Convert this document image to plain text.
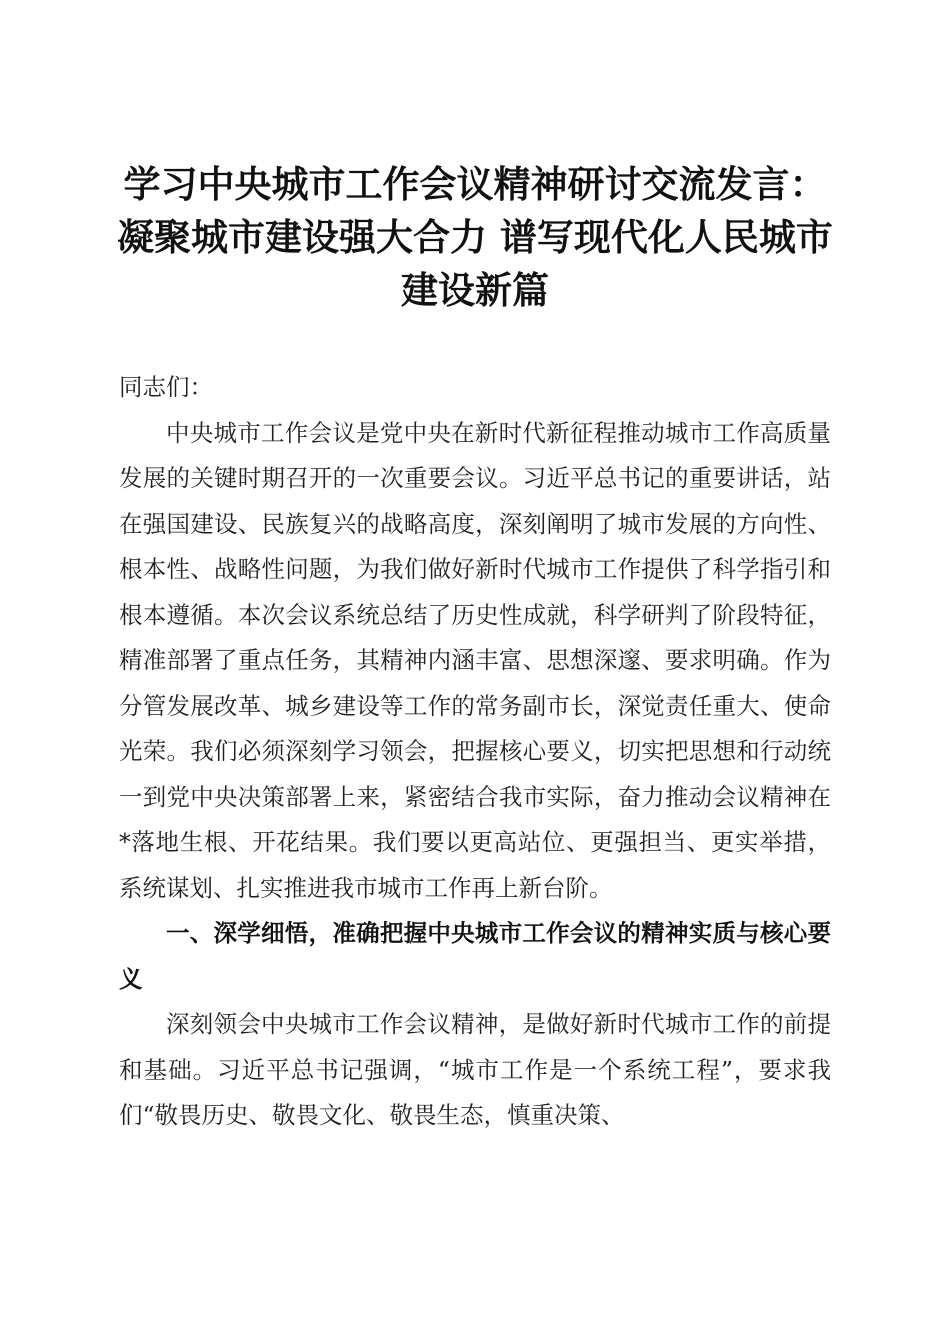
学习中央城市工作会议精神研讨交流发言：凝聚城市建设强大合力 谱写现代化人民城市建设新篇

同志们：

中央城市工作会议是党中央在新时代新征程推动城市工作高质量发展的关键时期召开的一次重要会议。习近平总书记的重要讲话，站在强国建设、民族复兴的战略高度，深刻阐明了城市发展的方向性、根本性、战略性问题，为我们做好新时代城市工作提供了科学指引和根本遵循。本次会议系统总结了历史性成就，科学研判了阶段特征，精准部署了重点任务，其精神内涵丰富、思想深邃、要求明确。作为分管发展改革、城乡建设等工作的常务副市长，深觉责任重大、使命光荣。我们必须深刻学习领会，把握核心要义，切实把思想和行动统一到党中央决策部署上来，紧密结合我市实际，奋力推动会议精神在*落地生根、开花结果。我们要以更高站位、更强担当、更实举措，系统谋划、扎实推进我市城市工作再上新台阶。

一、深学细悟，准确把握中央城市工作会议的精神实质与核心要义

深刻领会中央城市工作会议精神，是做好新时代城市工作的前提和基础。习近平总书记强调，“城市工作是一个系统工程”，要求我们“敬畏历史、敬畏文化、敬畏生态，慎重决策、
